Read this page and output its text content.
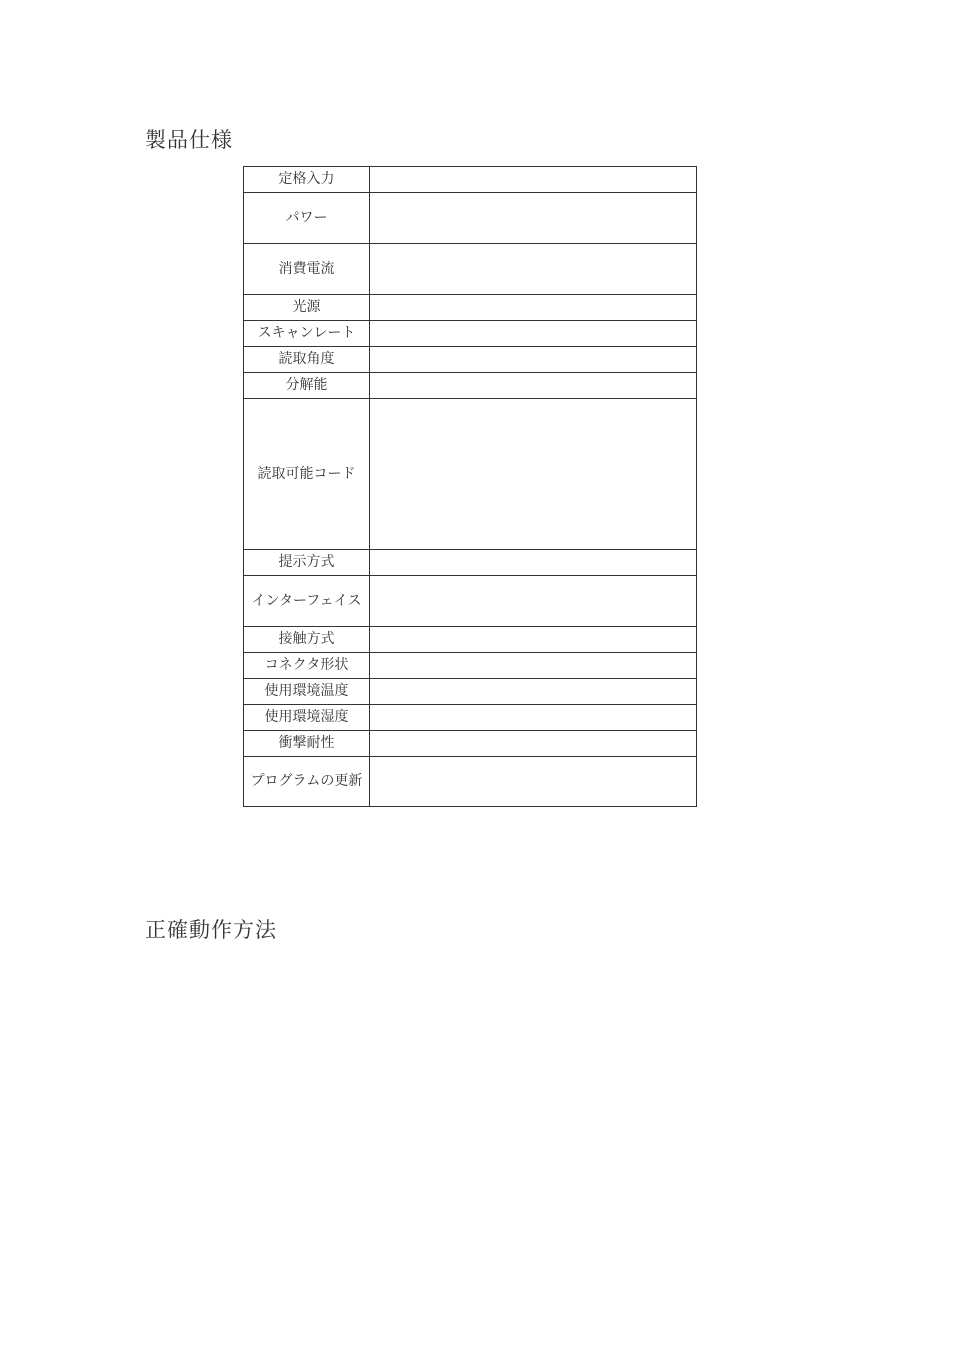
製品仕様
定格入力	
パワー	
消費電流	
光源	
スキャンレート	
読取角度	
分解能	
読取可能コード	
提示方式	
インターフェイス	
接触方式	
コネクタ形状	
使用環境温度	
使用環境湿度	
衝撃耐性	
プログラムの更新	
正確動作方法
